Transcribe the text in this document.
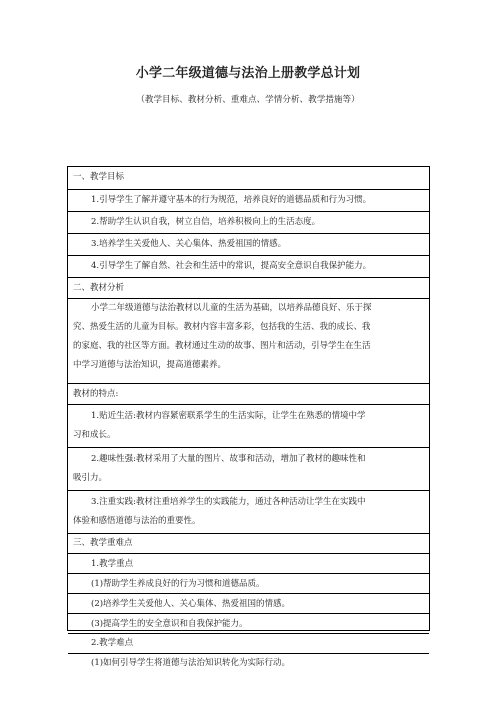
小学二年级道德与法治上册教学总计划
（教学目标、教材分析、重难点、学情分析、教学措施等）
一、教学目标
1.引导学生了解并遵守基本的行为规范，培养良好的道德品质和行为习惯。
2.帮助学生认识自我，树立自信，培养积极向上的生活态度。
3.培养学生关爱他人、关心集体、热爱祖国的情感。
4.引导学生了解自然、社会和生活中的常识，提高安全意识自我保护能力。
二、教材分析
小学二年级道德与法治教材以儿童的生活为基础，以培养品德良好、乐于探
究、热爱生活的儿童为目标。教材内容丰富多彩，包括我的生活、我的成长、我
的家庭、我的社区等方面。教材通过生动的故事、图片和活动，引导学生在生活
中学习道德与法治知识，提高道德素养。
教材的特点:
1.贴近生活:教材内容紧密联系学生的生活实际，让学生在熟悉的情境中学
习和成长。
2.趣味性强:教材采用了大量的图片、故事和活动，增加了教材的趣味性和
吸引力。
3.注重实践:教材注重培养学生的实践能力，通过各种活动让学生在实践中
体验和感悟道德与法治的重要性。
三、教学重难点
1.教学重点
(1)帮助学生养成良好的行为习惯和道德品质。
(2)培养学生关爱他人、关心集体、热爱祖国的情感。
(3)提高学生的安全意识和自我保护能力。
2.教学难点
(1)如何引导学生将道德与法治知识转化为实际行动。
